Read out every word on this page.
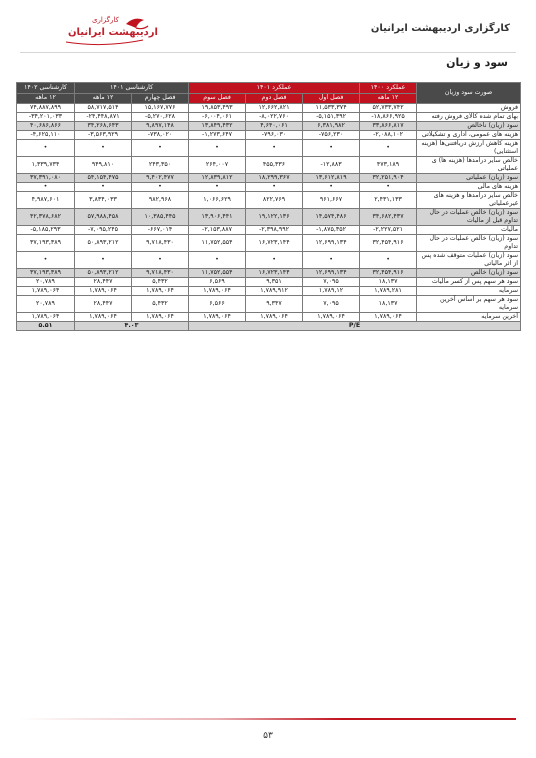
کارگزاری
اردیبهشت ایرانیان	کارگزاری اردیبهشت ایرانیان
سود و زیان
صورت سود وزیان	عملکرد ۱۴۰۰	عملکرد ۱۴۰۱			کارشناسی ۱۴۰۱		کارشناسی ۱۴۰۲
	۱۲ ماهه	فصل اول	فصل دوم	فصل سوم	فصل چهارم	۱۲ ماهه	۱۲ ماهه
فروش	۵۲,۷۳۳,۷۴۲	۱۱,۵۳۳,۳۷۴	۱۲,۶۶۲,۸۲۱	۱۹,۸۵۳,۴۹۳	۱۵,۱۶۷,۷۷۶	۵۸,۷۱۷,۵۱۴	۷۴,۸۸۷,۸۹۹
بهای تمام شده کالای فروش رفته	۱۸,۸۶۶,۹۲۵-	۵,۱۵۱,۳۹۲-	۸,۰۲۲,۷۶۰-	۶,۰۰۴,۰۶۱-	۵,۲۷۰,۶۲۸-	۲۴,۴۴۸,۸۷۱-	۳۴,۲۰۱,۰۳۳-
سود (زیان) ناخالص	۳۳,۸۶۶,۸۱۷	۶,۳۸۱,۹۸۲	۴,۶۴۰,۰۶۱	۱۳,۸۴۹,۴۳۲	۹,۸۹۷,۱۴۸	۳۴,۲۶۸,۶۴۳	۴۰,۶۸۶,۸۶۶
هزینه های عمومی، اداری و تشکیلاتی	۲,۰۸۸,۱۰۲-	۷۵۶,۲۳۰-	۷۹۶,۰۳۰-	۱,۲۷۳,۶۴۷-	۷۳۸,۰۲۰-	۳,۵۶۳,۹۲۹-	۴,۶۲۵,۱۱۰-
هزینه کاهش ارزش دریافتنی‌ها (هزینه استثنایی)	•	•	•	•	•	•	•
خالص سایر درامدها (هزینه ها) ی عملیاتی	۴۷۳,۱۸۹	۱۲,۸۸۳-	۴۵۵,۳۳۶	۲۶۴,۰۰۷	۲۴۳,۳۵۰	۹۴۹,۸۱۰	۱,۳۳۹,۷۳۴
سود (زیان) عملیاتی	۳۲,۲۵۱,۹۰۴	۱۳,۶۱۲,۸۱۹	۱۸,۲۹۹,۳۶۷	۱۲,۸۳۹,۸۱۲	۹,۴۰۲,۴۷۷	۵۴,۱۵۴,۴۷۵	۳۷,۳۹۱,۰۸۰
هزینه های مالی	•	•	•	•	•	•	•
خالص سایر درامدها و هزینه های غیرعملیاتی	۲,۴۳۱,۱۳۳	۹۶۱,۶۶۷	۸۲۲,۷۶۹	۱,۰۶۶,۶۲۹	۹۸۲,۹۶۸	۳,۸۳۴,۰۳۳	۴,۹۸۷,۶۰۱
سود (زیان) خالص عملیات در حال تداوم قبل از مالیات	۳۴,۶۸۲,۴۳۷	۱۴,۵۷۴,۴۸۶	۱۹,۱۲۲,۱۳۶	۱۳,۹۰۶,۴۴۱	۱۰,۳۸۵,۴۴۵	۵۷,۹۸۸,۴۵۸	۴۲,۳۷۸,۶۸۲
مالیات	۲,۲۲۷,۵۲۱-	۱,۸۷۵,۳۵۲-	۲,۳۹۸,۹۹۲-	۲,۱۵۳,۸۸۷-	۶۶۷,۰۱۴-	۷,۰۹۵,۲۴۵-	۵,۱۸۵,۲۹۳-
سود (زیان) خالص عملیات در حال تداوم	۳۲,۴۵۴,۹۱۶	۱۲,۶۹۹,۱۳۴	۱۶,۷۲۳,۱۴۴	۱۱,۷۵۲,۵۵۴	۹,۷۱۸,۴۳۰	۵۰,۸۹۳,۲۱۲	۳۷,۱۹۳,۳۸۹
سود (زیان) عملیات متوقف شده پس از اثر مالیاتی	•	•	•	•	•	•	•
سود (زیان) خالص	۳۲,۴۵۴,۹۱۶	۱۲,۶۹۹,۱۳۴	۱۶,۷۲۳,۱۴۴	۱۱,۷۵۲,۵۵۴	۹,۷۱۸,۴۳۰	۵۰,۸۹۳,۲۱۲	۳۷,۱۹۳,۳۸۹
سود هر سهم پس از کسر مالیات	۱۸,۱۳۷	۷,۰۹۵	۹,۳۵۱	۶,۵۶۹	۵,۴۳۲	۲۸,۴۴۷	۲۰,۷۸۹
سرمایه	۱,۷۸۹,۲۸۱	۱,۷۸۹,۱۲	۱,۷۸۹,۹۱۲	۱,۷۸۹,۰۶۴	۱,۷۸۹,۰۶۴	۱,۷۸۹,۰۶۴	۱,۷۸۹,۰۶۴
سود هر سهم بر اساس آخرین سرمایه	۱۸,۱۳۷	۷,۰۹۵	۹,۳۴۷	۶,۵۶۶	۵,۴۳۲	۲۸,۴۴۷	۲۰,۷۸۹
آخرین سرمایه	۱,۷۸۹,۰۶۴	۱,۷۸۹,۰۶۴	۱,۷۸۹,۰۶۴	۱,۷۸۹,۰۶۴	۱,۷۸۹,۰۶۴	۱,۷۸۹,۰۶۴	۱,۷۸۹,۰۶۴
P/E					۴.۰۳		۵.۵۱
۵۳
